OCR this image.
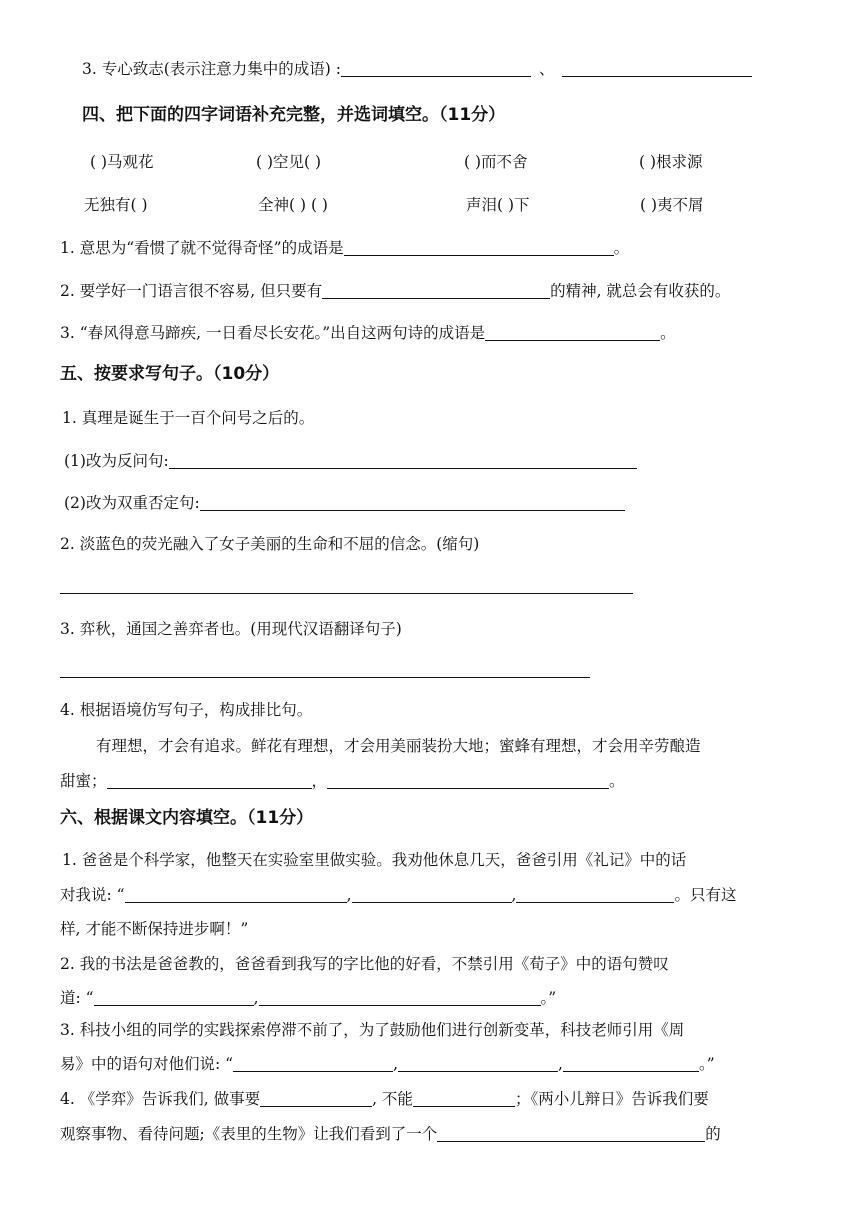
3. 专心致志(表示注意力集中的成语) :	、
四、把下面的四字词语补充完整，并选词填空。（11分）
( )马观花	( )空见( )	( )而不舍	( )根求源
无独有( )	全神( ) ( )	声泪( )下	( )夷不屑
1. 意思为“看惯了就不觉得奇怪”的成语是	。
2. 要学好一门语言很不容易, 但只要有	的精神, 就总会有收获的。
3. “春风得意马蹄疾, 一日看尽长安花。”出自这两句诗的成语是	。
五、按要求写句子。（10分）
1. 真理是诞生于一百个问号之后的。
(1)改为反问句:
(2)改为双重否定句:
2. 淡蓝色的荧光融入了女子美丽的生命和不屈的信念。(缩句)
3. 弈秋，通国之善弈者也。(用现代汉语翻译句子)
4. 根据语境仿写句子，构成排比句。
有理想，才会有追求。鲜花有理想，才会用美丽装扮大地；蜜蜂有理想，才会用辛劳酿造
甜蜜；	，	。
六、根据课文内容填空。（11分）
1. 爸爸是个科学家，他整天在实验室里做实验。我劝他休息几天，爸爸引用《礼记》中的话
对我说: “	,	,	。只有这
样, 才能不断保持进步啊！”
2. 我的书法是爸爸教的，爸爸看到我写的字比他的好看，不禁引用《荀子》中的语句赞叹
道: “	,	。”
3. 科技小组的同学的实践探索停滞不前了，为了鼓励他们进行创新变革，科技老师引用《周
易》中的语句对他们说: “	,	,	。”
4. 《学弈》告诉我们, 做事要	, 不能	；《两小儿辩日》告诉我们要
观察事物、看待问题;《表里的生物》让我们看到了一个	的
